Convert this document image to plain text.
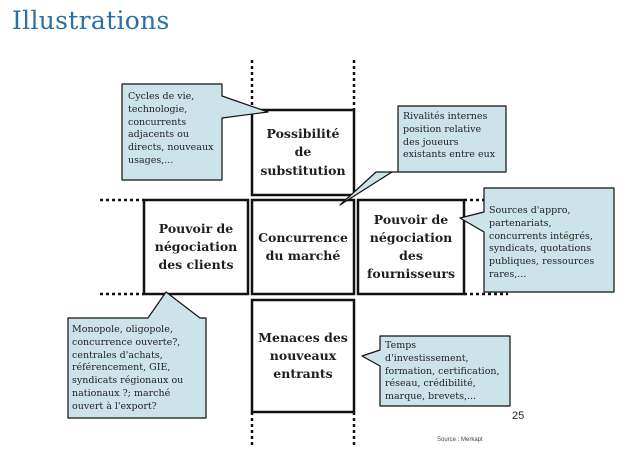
Illustrations
Possibilité
de
substitution
Pouvoir de
négociation
des clients
Concurrence
du marché
Pouvoir de
négociation
des
fournisseurs
Menaces des
nouveaux
entrants
Cycles de vie,
technologie,
concurrents
adjacents ou
directs, nouveaux
usages,...
Rivalités internes
position relative
des joueurs
existants entre eux
Sources d'appro,
partenariats,
concurrents intégrés,
syndicats, quotations
publiques, ressources
rares,...
Monopole, oligopole,
concurrence ouverte?,
centrales d'achats,
référencement, GIE,
syndicats régionaux ou
nationaux ?; marché
ouvert à l'export?
Temps
d'investissement,
formation, certification,
réseau, crédibilité,
marque, brevets,...
25
Source : Merkapt
